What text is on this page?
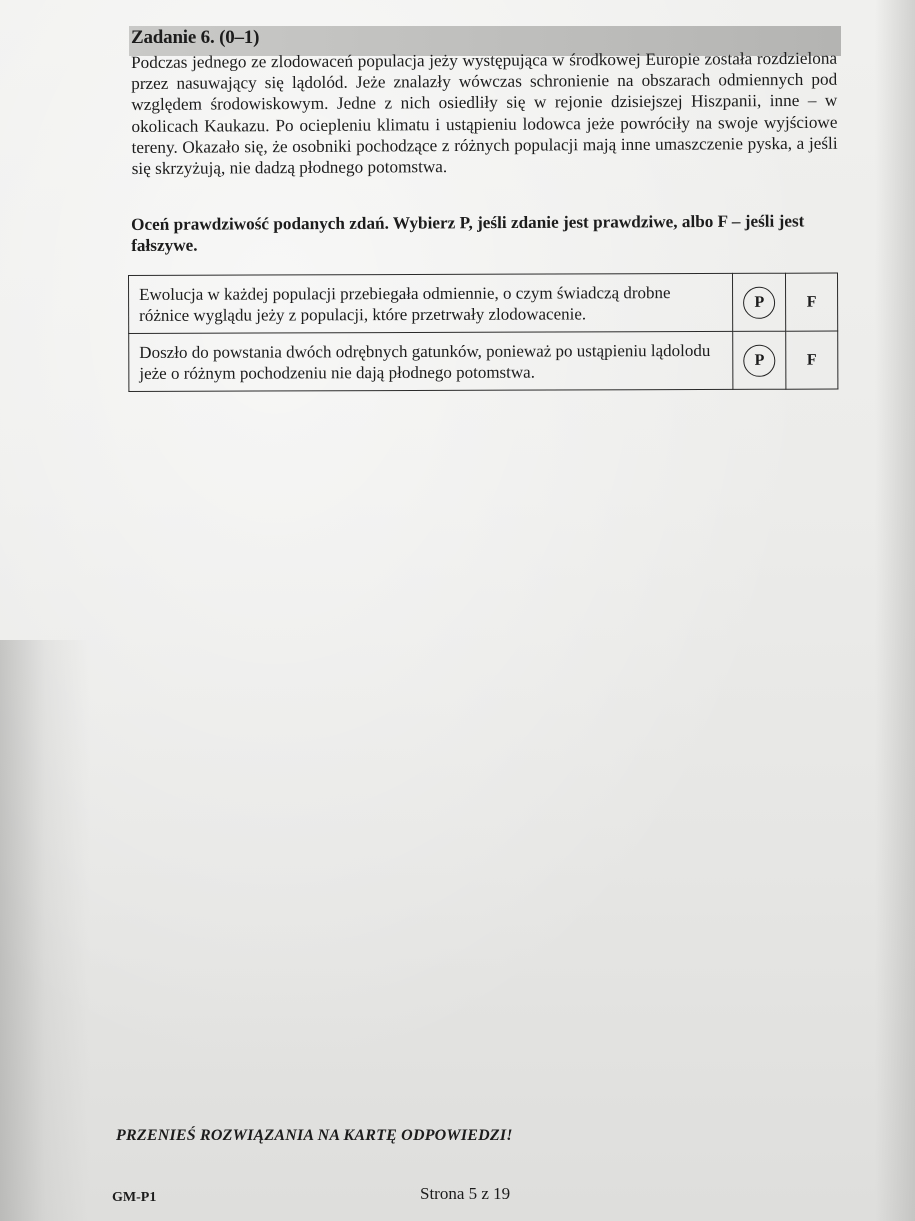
Zadanie 6. (0–1)
Podczas jednego ze zlodowaceń populacja jeży występująca w środkowej Europie została rozdzielona przez nasuwający się lądolód. Jeże znalazły wówczas schronienie na obszarach odmiennych pod względem środowiskowym. Jedne z nich osiedliły się w rejonie dzisiejszej Hiszpanii, inne – w okolicach Kaukazu. Po ociepleniu klimatu i ustąpieniu lodowca jeże powróciły na swoje wyjściowe tereny. Okazało się, że osobniki pochodzące z różnych populacji mają inne umaszczenie pyska, a jeśli się skrzyżują, nie dadzą płodnego potomstwa.
Oceń prawdziwość podanych zdań. Wybierz P, jeśli zdanie jest prawdziwe, albo F – jeśli jest fałszywe.
Ewolucja w każdej populacji przebiegała odmiennie, o czym świadczą drobne różnice wyglądu jeży z populacji, które przetrwały zlodowacenie.	P	F
Doszło do powstania dwóch odrębnych gatunków, ponieważ po ustąpieniu lądolodu jeże o różnym pochodzeniu nie dają płodnego potomstwa.	P	F
PRZENIEŚ ROZWIĄZANIA NA KARTĘ ODPOWIEDZI!
GM-P1	Strona 5 z 19
